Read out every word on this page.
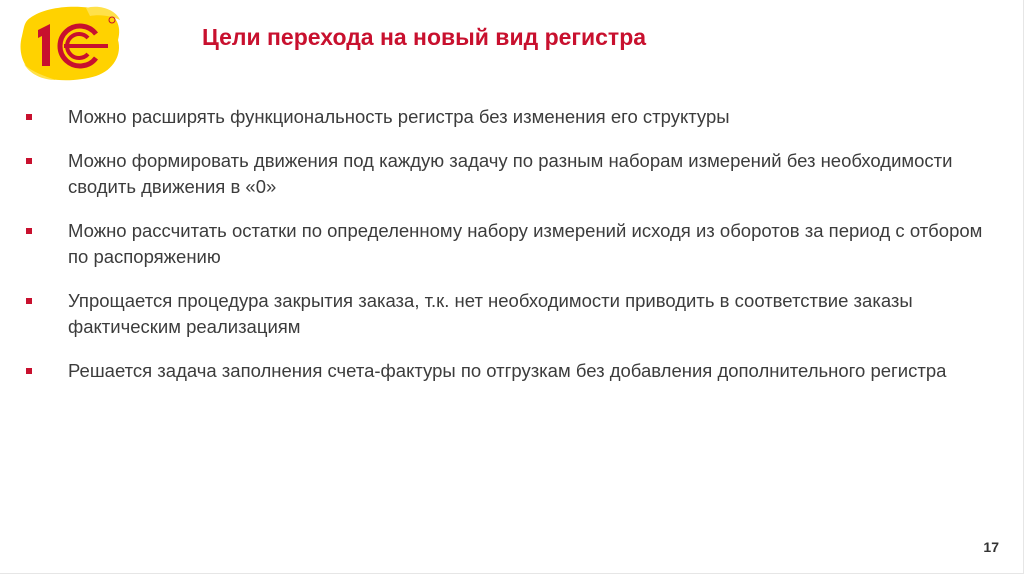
Цели перехода на новый вид регистра
Можно расширять функциональность регистра без изменения его структуры
Можно формировать движения под каждую задачу по разным наборам измерений без необходимости сводить движения в «0»
Можно рассчитать остатки по определенному набору измерений исходя из оборотов за период с отбором по распоряжению
Упрощается процедура закрытия заказа, т.к. нет необходимости приводить в соответствие заказы фактическим реализациям
Решается задача заполнения счета-фактуры по отгрузкам без добавления дополнительного регистра
17
